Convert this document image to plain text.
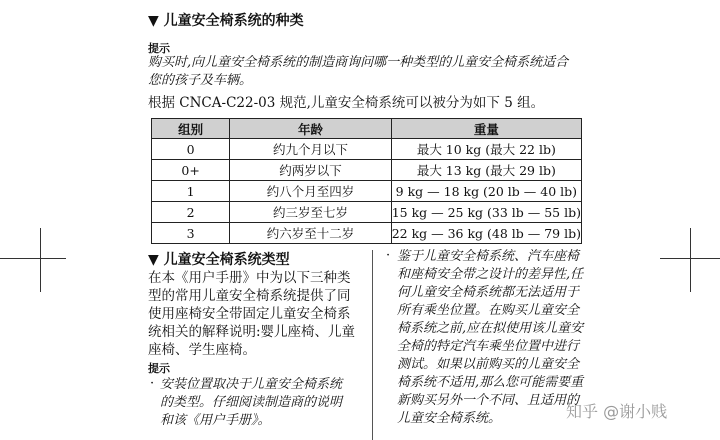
▼ 儿童安全椅系统的种类
提示
购买时,向儿童安全椅系统的制造商询问哪一种类型的儿童安全椅系统适合
您的孩子及车辆。
根据 CNCA-C22-03 规范,儿童安全椅系统可以被分为如下 5 组。
组别	年龄	重量
0	约九个月以下	最大 10 kg (最大 22 lb)
0+	约两岁以下	最大 13 kg (最大 29 lb)
1	约八个月至四岁	9 kg — 18 kg (20 lb — 40 lb)
2	约三岁至七岁	15 kg — 25 kg (33 lb — 55 lb)
3	约六岁至十二岁	22 kg — 36 kg (48 lb — 79 lb)
▼ 儿童安全椅系统类型
在本《用户手册》中为以下三种类
型的常用儿童安全椅系统提供了同
使用座椅安全带固定儿童安全椅系
统相关的解释说明:婴儿座椅、儿童
座椅、学生座椅。
提示
· 安装位置取决于儿童安全椅系统
的类型。仔细阅读制造商的说明
和该《用户手册》。
· 鉴于儿童安全椅系统、汽车座椅
和座椅安全带之设计的差异性,任
何儿童安全椅系统都无法适用于
所有乘坐位置。在购买儿童安全
椅系统之前,应在拟使用该儿童安
全椅的特定汽车乘坐位置中进行
测试。如果以前购买的儿童安全
椅系统不适用,那么您可能需要重
新购买另外一个不同、且适用的
儿童安全椅系统。	知乎 @谢小贱
